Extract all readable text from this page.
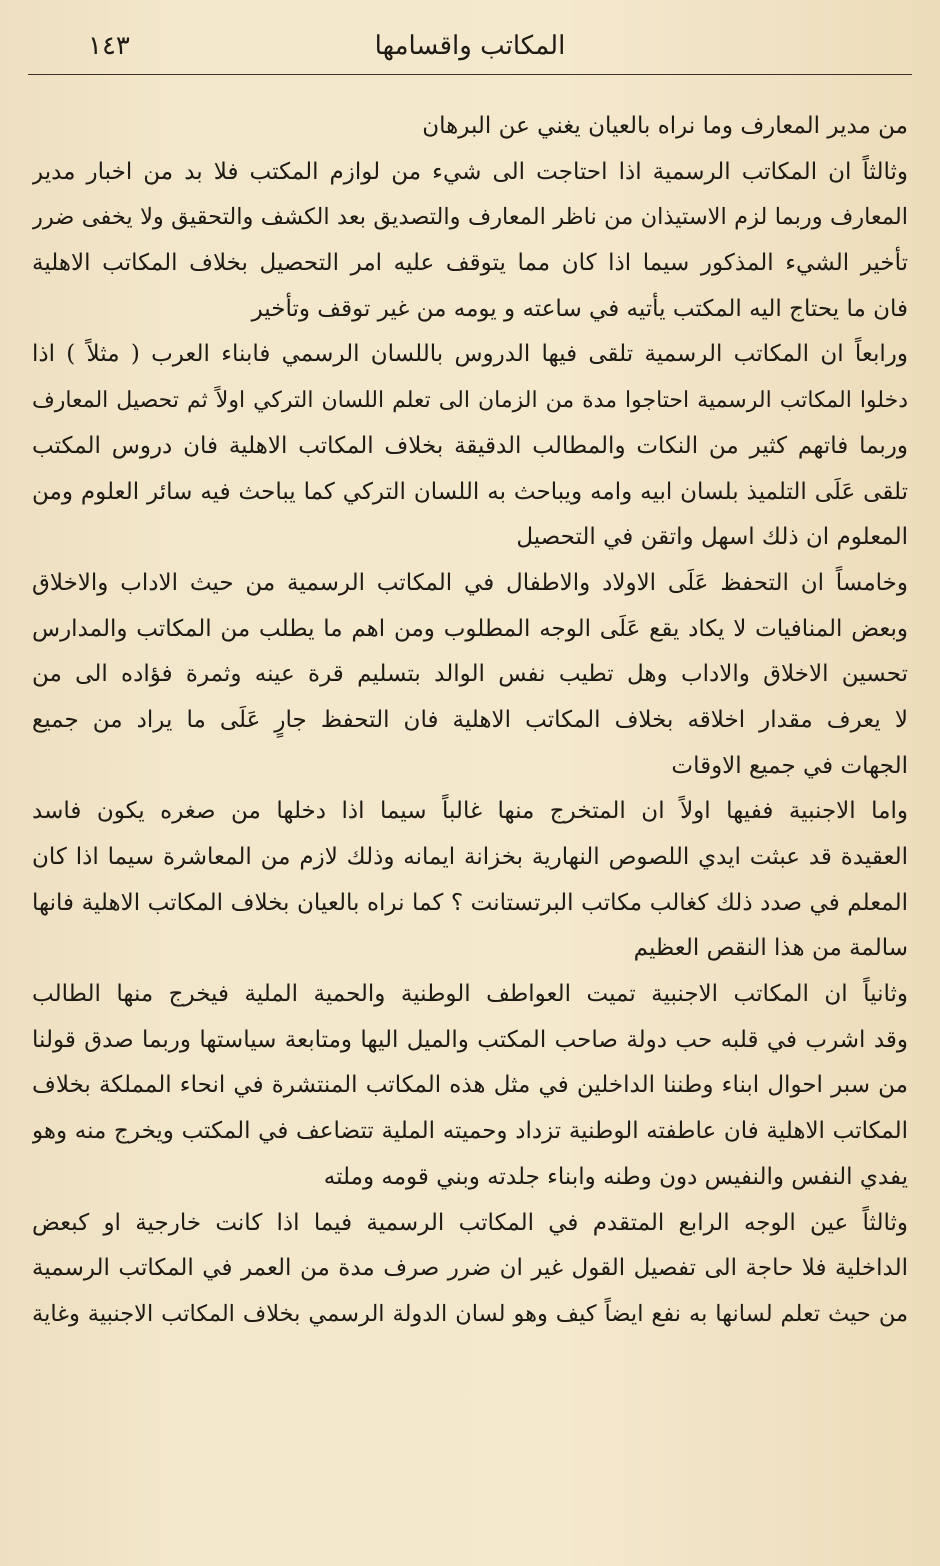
المكاتب واقسامها
١٤٣
من مدير المعارف وما نراه بالعيان يغني عن البرهان
وثالثاً ان المكاتب الرسمية اذا احتاجت الى شيء من لوازم المكتب فلا بد من اخبار مدير
المعارف وربما لزم الاستيذان من ناظر المعارف والتصديق بعد الكشف والتحقيق ولا يخفى ضرر
تأخير الشيء المذكور سيما اذا كان مما يتوقف عليه امر التحصيل بخلاف المكاتب الاهلية
فان ما يحتاج اليه المكتب يأتيه في ساعته و يومه من غير توقف وتأخير
ورابعاً ان المكاتب الرسمية تلقى فيها الدروس باللسان الرسمي فابناء العرب ( مثلاً ) اذا
دخلوا المكاتب الرسمية احتاجوا مدة من الزمان الى تعلم اللسان التركي اولاً ثم تحصيل المعارف
وربما فاتهم كثير من النكات والمطالب الدقيقة بخلاف المكاتب الاهلية فان دروس المكتب
تلقى عَلَى التلميذ بلسان ابيه وامه ويباحث به اللسان التركي كما يباحث فيه سائر العلوم ومن
المعلوم ان ذلك اسهل واتقن في التحصيل
وخامساً ان التحفظ عَلَى الاولاد والاطفال في المكاتب الرسمية من حيث الاداب والاخلاق
وبعض المنافيات لا يكاد يقع عَلَى الوجه المطلوب ومن اهم ما يطلب من المكاتب والمدارس
تحسين الاخلاق والاداب وهل تطيب نفس الوالد بتسليم قرة عينه وثمرة فؤاده الى من
لا يعرف مقدار اخلاقه بخلاف المكاتب الاهلية فان التحفظ جارٍ عَلَى ما يراد من جميع
الجهات في جميع الاوقات
واما الاجنبية ففيها اولاً ان المتخرج منها غالباً سيما اذا دخلها من صغره يكون فاسد
العقيدة قد عبثت ايدي اللصوص النهارية بخزانة ايمانه وذلك لازم من المعاشرة سيما اذا كان
المعلم في صدد ذلك كغالب مكاتب البرتستانت ؟ كما نراه بالعيان بخلاف المكاتب الاهلية فانها
سالمة من هذا النقص العظيم
وثانياً ان المكاتب الاجنبية تميت العواطف الوطنية والحمية الملية فيخرج منها الطالب
وقد اشرب في قلبه حب دولة صاحب المكتب والميل اليها ومتابعة سياستها وربما صدق قولنا
من سبر احوال ابناء وطننا الداخلين في مثل هذه المكاتب المنتشرة في انحاء المملكة بخلاف
المكاتب الاهلية فان عاطفته الوطنية تزداد وحميته الملية تتضاعف في المكتب ويخرج منه وهو
يفدي النفس والنفيس دون وطنه وابناء جلدته وبني قومه وملته
وثالثاً عين الوجه الرابع المتقدم في المكاتب الرسمية فيما اذا كانت خارجية او كبعض
الداخلية فلا حاجة الى تفصيل القول غير ان ضرر صرف مدة من العمر في المكاتب الرسمية
من حيث تعلم لسانها به نفع ايضاً كيف وهو لسان الدولة الرسمي بخلاف المكاتب الاجنبية وغاية
